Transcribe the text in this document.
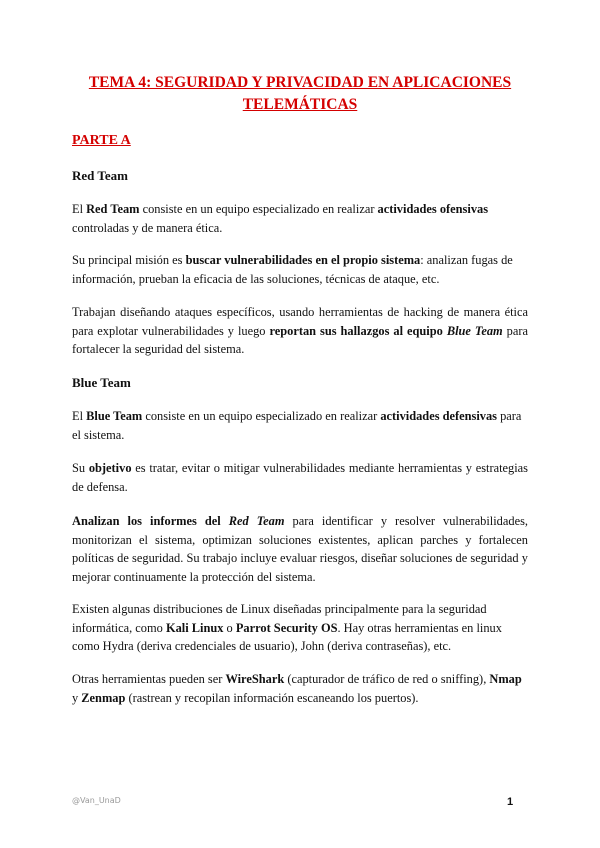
TEMA 4: SEGURIDAD Y PRIVACIDAD EN APLICACIONES TELEMÁTICAS
PARTE A
Red Team

El Red Team consiste en un equipo especializado en realizar actividades ofensivas controladas y de manera ética.

Su principal misión es buscar vulnerabilidades en el propio sistema: analizan fugas de información, prueban la eficacia de las soluciones, técnicas de ataque, etc.

Trabajan diseñando ataques específicos, usando herramientas de hacking de manera ética para explotar vulnerabilidades y luego reportan sus hallazgos al equipo Blue Team para fortalecer la seguridad del sistema.

Blue Team

El Blue Team consiste en un equipo especializado en realizar actividades defensivas para el sistema.

Su objetivo es tratar, evitar o mitigar vulnerabilidades mediante herramientas y estrategias de defensa.

Analizan los informes del Red Team para identificar y resolver vulnerabilidades, monitorizan el sistema, optimizan soluciones existentes, aplican parches y fortalecen políticas de seguridad. Su trabajo incluye evaluar riesgos, diseñar soluciones de seguridad y mejorar continuamente la protección del sistema.

Existen algunas distribuciones de Linux diseñadas principalmente para la seguridad informática, como Kali Linux o Parrot Security OS. Hay otras herramientas en linux como Hydra (deriva credenciales de usuario), John (deriva contraseñas), etc.

Otras herramientas pueden ser WireShark (capturador de tráfico de red o sniffing), Nmap y Zenmap (rastrean y recopilan información escaneando los puertos).

@Van_UnaD	1
